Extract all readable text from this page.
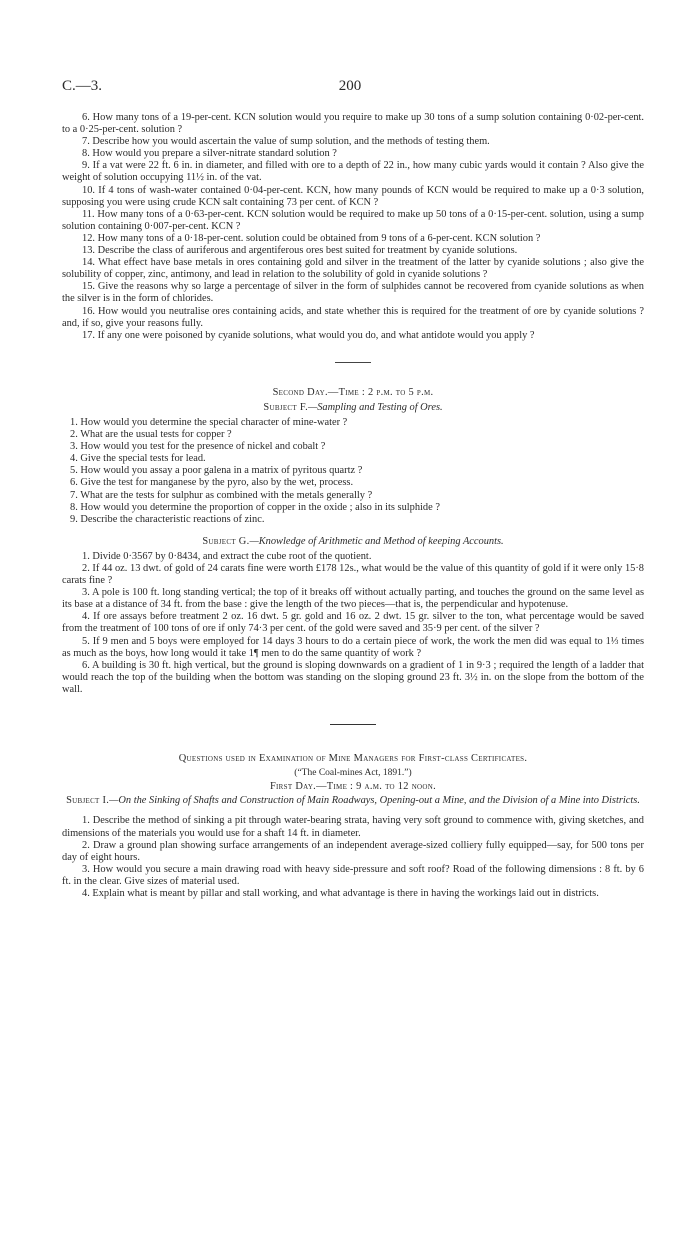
C.—3.	200

6. How many tons of a 19-per-cent. KCN solution would you require to make up 30 tons of a sump solution containing 0·02-per-cent. to a 0·25-per-cent. solution ?

7. Describe how you would ascertain the value of sump solution, and the methods of testing them.

8. How would you prepare a silver-nitrate standard solution ?

9. If a vat were 22 ft. 6 in. in diameter, and filled with ore to a depth of 22 in., how many cubic yards would it contain ? Also give the weight of solution occupying 11½ in. of the vat.

10. If 4 tons of wash-water contained 0·04-per-cent. KCN, how many pounds of KCN would be required to make up a 0·3 solution, supposing you were using crude KCN salt containing 73 per cent. of KCN ?

11. How many tons of a 0·63-per-cent. KCN solution would be required to make up 50 tons of a 0·15-per-cent. solution, using a sump solution containing 0·007-per-cent. KCN ?

12. How many tons of a 0·18-per-cent. solution could be obtained from 9 tons of a 6-per-cent. KCN solution ?

13. Describe the class of auriferous and argentiferous ores best suited for treatment by cyanide solutions.

14. What effect have base metals in ores containing gold and silver in the treatment of the latter by cyanide solutions ; also give the solubility of copper, zinc, antimony, and lead in relation to the solubility of gold in cyanide solutions ?

15. Give the reasons why so large a percentage of silver in the form of sulphides cannot be recovered from cyanide solutions as when the silver is in the form of chlorides.

16. How would you neutralise ores containing acids, and state whether this is required for the treatment of ore by cyanide solutions ? and, if so, give your reasons fully.

17. If any one were poisoned by cyanide solutions, what would you do, and what antidote would you apply ?

Second Day.—Time : 2 p.m. to 5 p.m.

Subject F.—Sampling and Testing of Ores.

1. How would you determine the special character of mine-water ?

2. What are the usual tests for copper ?

3. How would you test for the presence of nickel and cobalt ?

4. Give the special tests for lead.

5. How would you assay a poor galena in a matrix of pyritous quartz ?

6. Give the test for manganese by the pyro, also by the wet, process.

7. What are the tests for sulphur as combined with the metals generally ?

8. How would you determine the proportion of copper in the oxide ; also in its sulphide ?

9. Describe the characteristic reactions of zinc.

Subject G.—Knowledge of Arithmetic and Method of keeping Accounts.

1. Divide 0·3567 by 0·8434, and extract the cube root of the quotient.

2. If 44 oz. 13 dwt. of gold of 24 carats fine were worth £178 12s., what would be the value of this quantity of gold if it were only 15·8 carats fine ?

3. A pole is 100 ft. long standing vertical; the top of it breaks off without actually parting, and touches the ground on the same level as its base at a distance of 34 ft. from the base : give the length of the two pieces—that is, the perpendicular and hypotenuse.

4. If ore assays before treatment 2 oz. 16 dwt. 5 gr. gold and 16 oz. 2 dwt. 15 gr. silver to the ton, what percentage would be saved from the treatment of 100 tons of ore if only 74·3 per cent. of the gold were saved and 35·9 per cent. of the silver ?

5. If 9 men and 5 boys were employed for 14 days 3 hours to do a certain piece of work, the work the men did was equal to 1⅓ times as much as the boys, how long would it take 1¶ men to do the same quantity of work ?

6. A building is 30 ft. high vertical, but the ground is sloping downwards on a gradient of 1 in 9·3 ; required the length of a ladder that would reach the top of the building when the bottom was standing on the sloping ground 23 ft. 3½ in. on the slope from the bottom of the wall.

Questions used in Examination of Mine Managers for First-class Certificates.

(“The Coal-mines Act, 1891.”)

First Day.—Time : 9 a.m. to 12 noon.

Subject I.—On the Sinking of Shafts and Construction of Main Roadways, Opening-out a Mine, and the Division of a Mine into Districts.

1. Describe the method of sinking a pit through water-bearing strata, having very soft ground to commence with, giving sketches, and dimensions of the materials you would use for a shaft 14 ft. in diameter.

2. Draw a ground plan showing surface arrangements of an independent average-sized colliery fully equipped—say, for 500 tons per day of eight hours.

3. How would you secure a main drawing road with heavy side-pressure and soft roof? Road of the following dimensions : 8 ft. by 6 ft. in the clear. Give sizes of material used.

4. Explain what is meant by pillar and stall working, and what advantage is there in having the workings laid out in districts.
